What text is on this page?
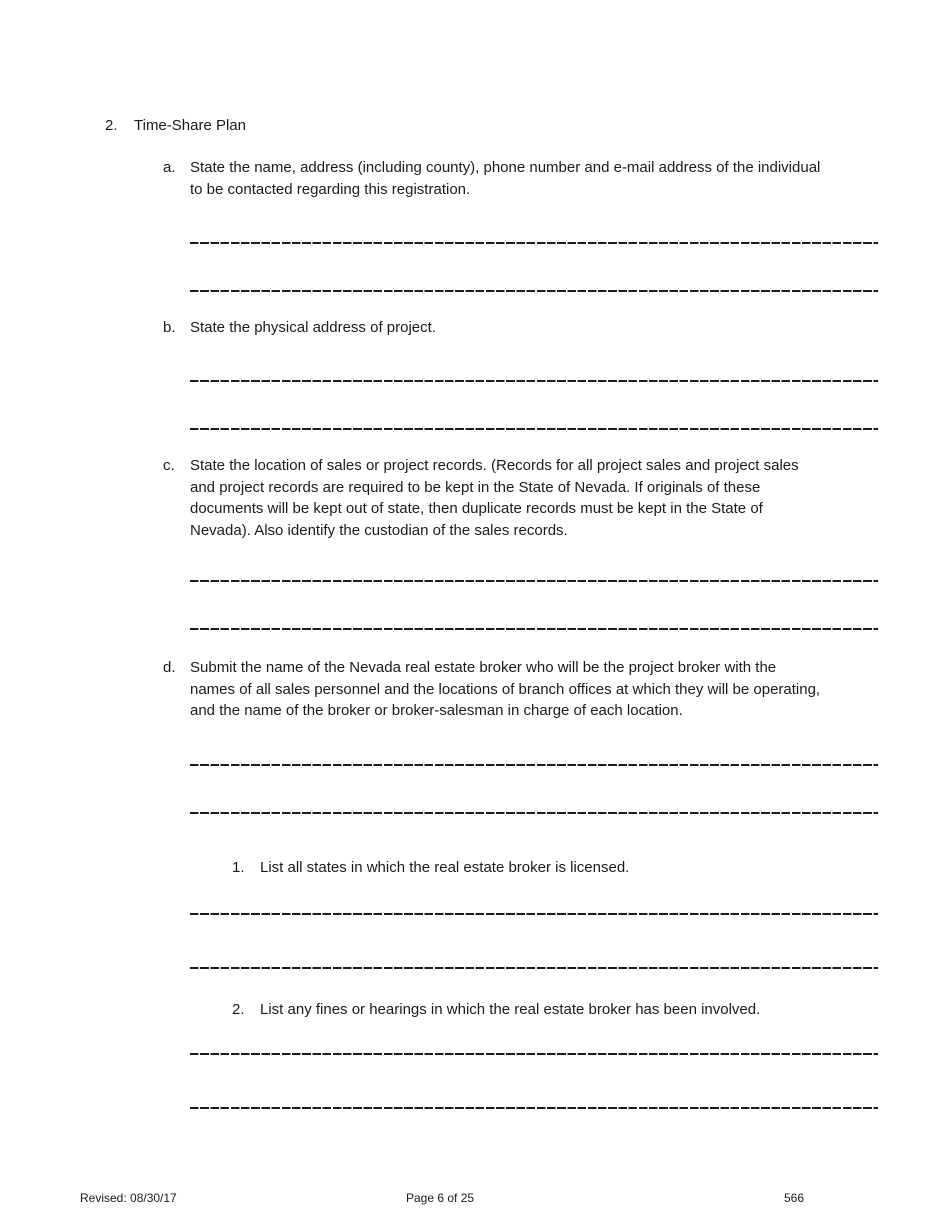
2.	Time-Share Plan
a. State the name, address (including county), phone number and e-mail address of the individual to be contacted regarding this registration.
b. State the physical address of project.
c.	State the location of sales or project records. (Records for all project sales and project sales and project records are required to be kept in the State of Nevada. If originals of these documents will be kept out of state, then duplicate records must be kept in the State of Nevada). Also identify the custodian of the sales records.
d. Submit the name of the Nevada real estate broker who will be the project broker with the names of all sales personnel and the locations of branch offices at which they will be operating, and the name of the broker or broker-salesman in charge of each location.
1.	List all states in which the real estate broker is licensed.
2.	List any fines or hearings in which the real estate broker has been involved.
Revised: 08/30/17	Page 6 of 25	566
